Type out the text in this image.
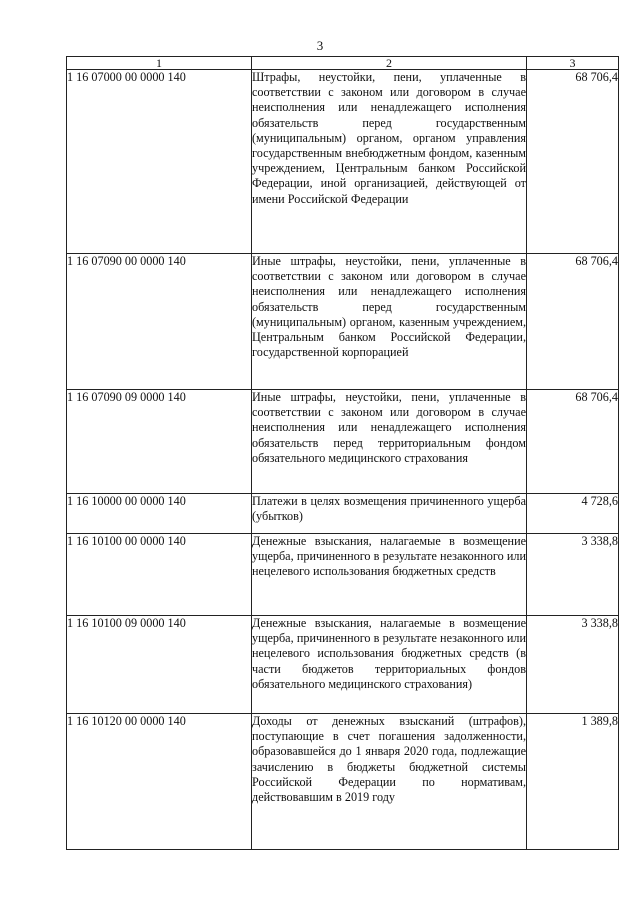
3
1	2	3
1 16 07000 00 0000 140	Штрафы, неустойки, пени, уплаченные в соответствии с законом или договором в случае неисполнения или ненадлежащего исполнения обязательств перед государственным (муниципальным) органом, органом управления государственным внебюджетным фондом, казенным учреждением, Центральным банком Российской Федерации, иной организацией, действующей от имени Российской Федерации	68 706,4
1 16 07090 00 0000 140	Иные штрафы, неустойки, пени, уплаченные в соответствии с законом или договором в случае неисполнения или ненадлежащего исполнения обязательств перед государственным (муниципальным) органом, казенным учреждением, Центральным банком Российской Федерации, государственной корпорацией	68 706,4
1 16 07090 09 0000 140	Иные штрафы, неустойки, пени, уплаченные в соответствии с законом или договором в случае неисполнения или ненадлежащего исполнения обязательств перед территориальным фондом обязательного медицинского страхования	68 706,4
1 16 10000 00 0000 140	Платежи в целях возмещения причиненного ущерба (убытков)	4 728,6
1 16 10100 00 0000 140	Денежные взыскания, налагаемые в возмещение ущерба, причиненного в результате незаконного или нецелевого использования бюджетных средств	3 338,8
1 16 10100 09 0000 140	Денежные взыскания, налагаемые в возмещение ущерба, причиненного в результате незаконного или нецелевого использования бюджетных средств (в части бюджетов территориальных фондов обязательного медицинского страхования)	3 338,8
1 16 10120 00 0000 140	Доходы от денежных взысканий (штрафов), поступающие в счет погашения задолженности, образовавшейся до 1 января 2020 года, подлежащие зачислению в бюджеты бюджетной системы Российской Федерации по нормативам, действовавшим в 2019 году	1 389,8
